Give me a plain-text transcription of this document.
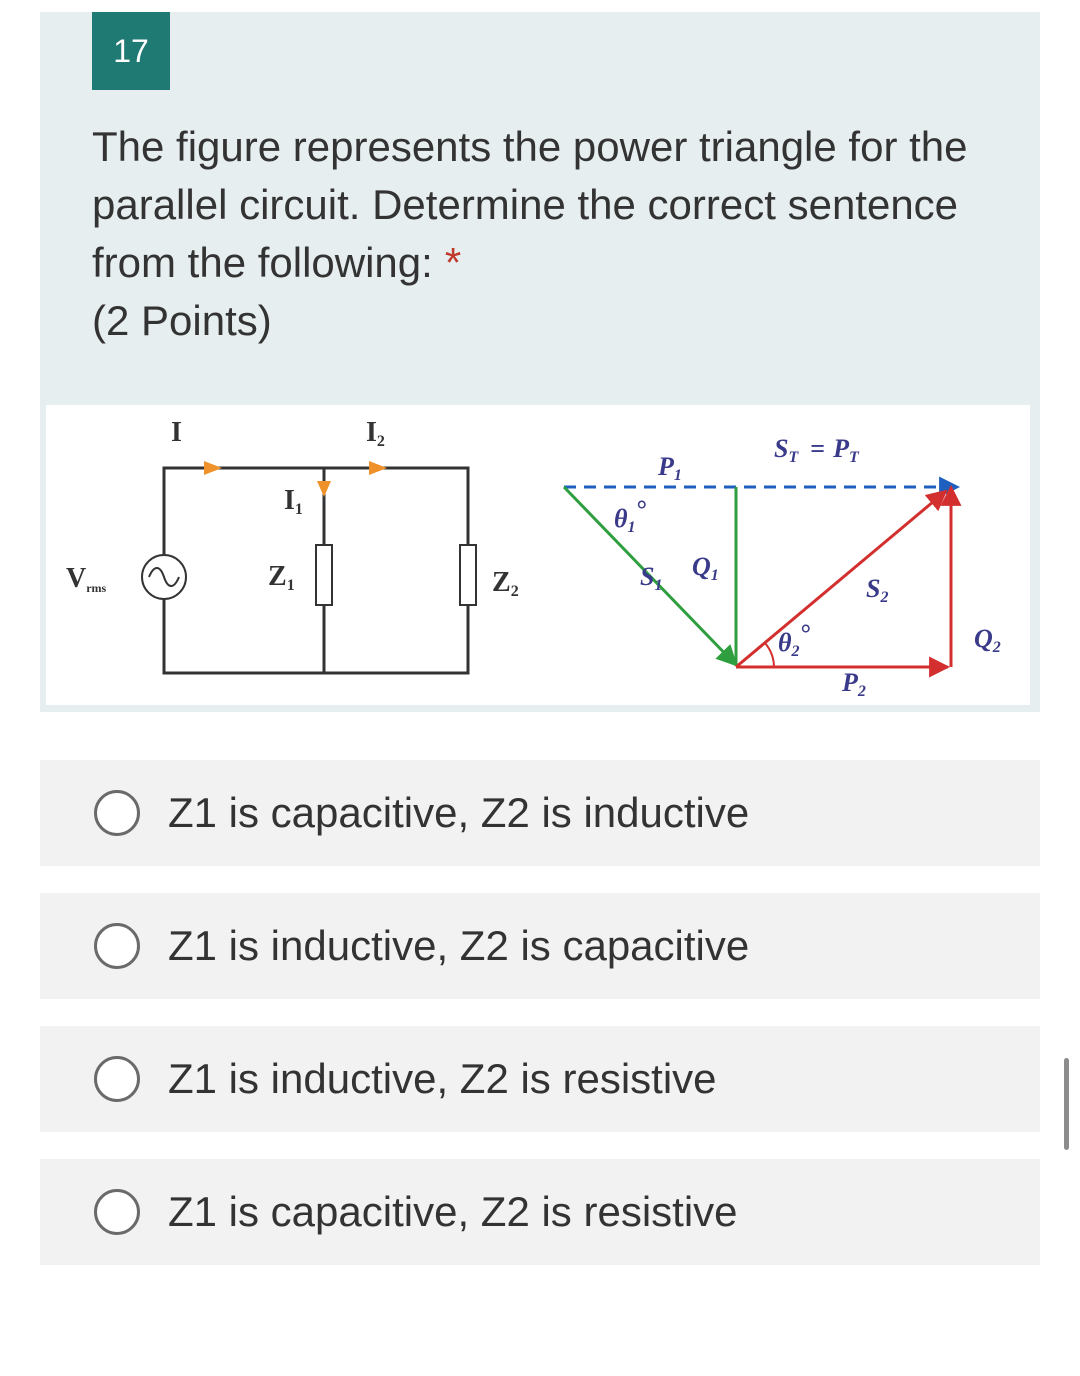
17
The figure represents the power triangle for the parallel circuit. Determine the correct sentence from the following: *
(2 Points)
I	I2
I1
Z1	Z2
Vrms
P1
θ1°
S1
Q1
ST = PT
S2
θ2°
P2
Q2
Z1 is capacitive, Z2 is inductive
Z1 is inductive, Z2 is capacitive
Z1 is inductive, Z2 is resistive
Z1 is capacitive, Z2 is resistive
